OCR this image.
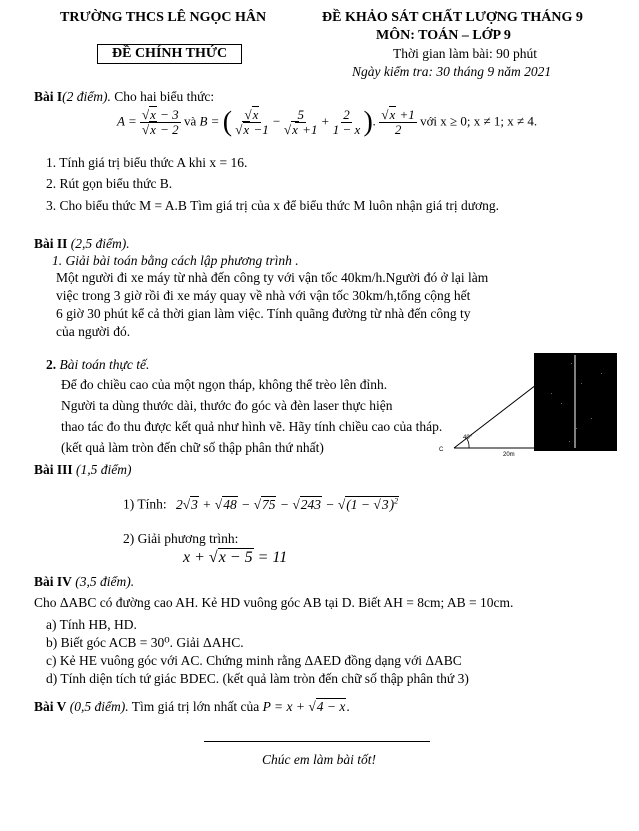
TRƯỜNG THCS LÊ NGỌC HÂN
ĐỀ CHÍNH THỨC
ĐỀ KHẢO SÁT CHẤT LƯỢNG THÁNG 9
MÔN: TOÁN – LỚP 9
Thời gian làm bài: 90 phút
Ngày kiểm tra: 30 tháng 9 năm 2021
Bài I(2 điểm). Cho hai biểu thức:
$A = \frac{√x - 3}{√x - 2}$ và B = ( $\frac{√x}{√x -1} - \frac{5}{√x +1} + \frac{2}{1 - x}$ ). $\frac{√x +1}{2}$ với x ≥ 0; x ≠ 1; x ≠ 4.
1. Tính giá trị biểu thức A khi x = 16.
2. Rút gọn biểu thức B.
3. Cho biểu thức M = A.B Tìm giá trị của x để biểu thức M luôn nhận giá trị dương.
Bài II (2,5 điểm).
1. Giải bài toán bằng cách lập phương trình .
Một người đi xe máy từ nhà đến công ty với vận tốc 40km/h.Người đó ở lại làm
việc trong 3 giờ rồi đi xe máy quay về nhà với vận tốc 30km/h,tổng cộng hết
6 giờ 30 phút kể cả thời gian làm việc. Tính quãng đường từ nhà đến công ty
của người đó.
2. Bài toán thực tế.
Để đo chiều cao của một ngọn tháp, không thể trèo lên đỉnh.
Người ta dùng thước dài, thước đo góc và đèn laser thực hiện
thao tác đo thu được kết quả như hình vẽ. Hãy tính chiều cao của tháp.
(kết quả làm tròn đến chữ số thập phân thứ nhất)
40°
20m
C
B
Bài III (1,5 điểm)
1) Tính: $2√3 + √48 - √75 - √243 - √(1 - √3)^2$
2) Giải phương trình:
x + √x − 5 = 11
Bài IV (3,5 điểm).
Cho ΔABC có đường cao AH. Kẻ HD vuông góc AB tại D. Biết AH = 8cm; AB = 10cm.
a) Tính HB, HD.
b) Biết góc ACB = 30⁰. Giải ΔAHC.
c) Kẻ HE vuông góc với AC. Chứng minh rằng ΔAED đồng dạng với ΔABC
d) Tính diện tích tứ giác BDEC. (kết quả làm tròn đến chữ số thập phân thứ 3)
Bài V (0,5 điểm). Tìm giá trị lớn nhất của P = x + √4 − x.
Chúc em làm bài tốt!
